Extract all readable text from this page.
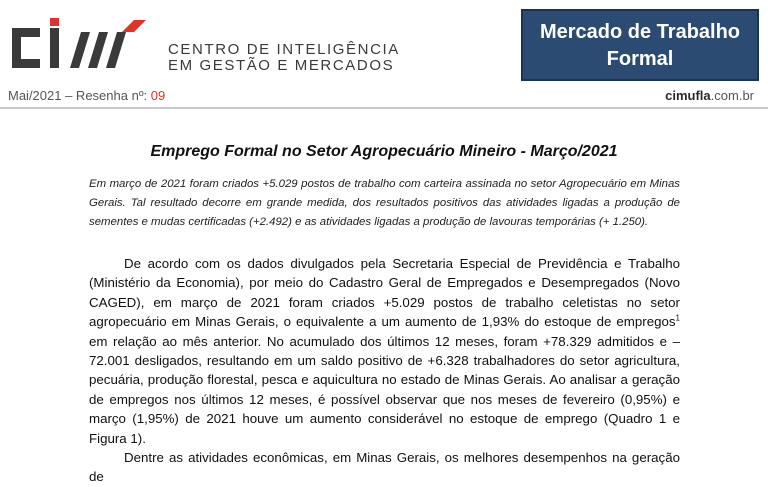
CENTRO DE INTELIGÊNCIA
EM GESTÃO E MERCADOS
Mercado de Trabalho
Formal
Mai/2021 – Resenha nº: 09	cimufla.com.br
Emprego Formal no Setor Agropecuário Mineiro - Março/2021
Em março de 2021 foram criados +5.029 postos de trabalho com carteira assinada no setor Agropecuário em Minas Gerais. Tal resultado decorre em grande medida, dos resultados positivos das atividades ligadas a produção de sementes e mudas certificadas (+2.492) e as atividades ligadas a produção de lavouras temporárias (+ 1.250).

De acordo com os dados divulgados pela Secretaria Especial de Previdência e Trabalho (Ministério da Economia), por meio do Cadastro Geral de Empregados e Desempregados (Novo CAGED), em março de 2021 foram criados +5.029 postos de trabalho celetistas no setor agropecuário em Minas Gerais, o equivalente a um aumento de 1,93% do estoque de empregos$^1$ em relação ao mês anterior. No acumulado dos últimos 12 meses, foram +78.329 admitidos e – 72.001 desligados, resultando em um saldo positivo de +6.328 trabalhadores do setor agricultura, pecuária, produção florestal, pesca e aquicultura no estado de Minas Gerais. Ao analisar a geração de empregos nos últimos 12 meses, é possível observar que nos meses de fevereiro (0,95%) e março (1,95%) de 2021 houve um aumento considerável no estoque de emprego (Quadro 1 e Figura 1).

Dentre as atividades econômicas, em Minas Gerais, os melhores desempenhos na geração de
